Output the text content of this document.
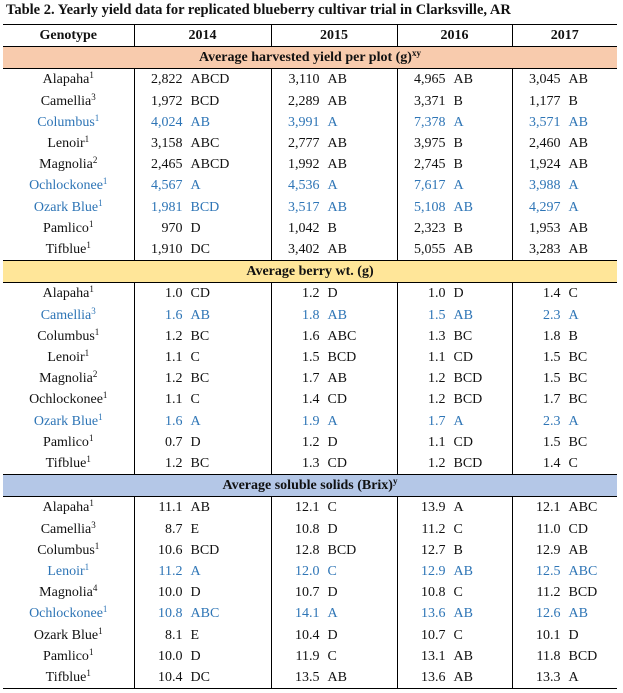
Table 2. Yearly yield data for replicated blueberry cultivar trial in Clarksville, AR
Genotype	2014	2015	2016	2017
Average harvested yield per plot $(g)^{xy}$
Alapaha$^1$	2,822 ABCD	3,110 AB	4,965 AB	3,045 AB
Camellia$^3$	1,972 BCD	2,289 AB	3,371 B	1,177 B
Columbus$^1$	4,024 AB	3,991 A	7,378 A	3,571 AB
Lenoir$^1$	3,158 ABC	2,777 AB	3,975 B	2,460 AB
Magnolia$^2$	2,465 ABCD	1,992 AB	2,745 B	1,924 AB
Ochlockonee$^1$	4,567 A	4,536 A	7,617 A	3,988 A
Ozark Blue$^1$	1,981 BCD	3,517 AB	5,108 AB	4,297 A
Pamlico$^1$	970 D	1,042 B	2,323 B	1,953 AB
Tifblue$^1$	1,910 DC	3,402 AB	5,055 AB	3,283 AB
Average berry wt. (g)				
Alapaha$^1$	1.0 CD	1.2 D	1.0 D	1.4 C
Camellia$^3$	1.6 AB	1.8 AB	1.5 AB	2.3 A
Columbus$^1$	1.2 BC	1.6 ABC	1.3 BC	1.8 B
Lenoir$^1$	1.1 C	1.5 BCD	1.1 CD	1.5 BC
Magnolia$^2$	1.2 BC	1.7 AB	1.2 BCD	1.5 BC
Ochlockonee$^1$	1.1 C	1.4 CD	1.2 BCD	1.7 BC
Ozark Blue$^1$	1.6 A	1.9 A	1.7 A	2.3 A
Pamlico$^1$	0.7 D	1.2 D	1.1 CD	1.5 BC
Tifblue$^1$	1.2 BC	1.3 CD	1.2 BCD	1.4 C
Average soluble solids (Brix)$^y$
Alapaha$^1$	11.1 AB	12.1 C	13.9 A	12.1 ABC
Camellia$^3$	8.7 E	10.8 D	11.2 C	11.0 CD
Columbus$^1$	10.6 BCD	12.8 BCD	12.7 B	12.9 AB
Lenoir$^1$	11.2 A	12.0 C	12.9 AB	12.5 ABC
Magnolia$^4$	10.0 D	10.7 D	10.8 C	11.2 BCD
Ochlockonee$^1$	10.8 ABC	14.1 A	13.6 AB	12.6 AB
Ozark Blue$^1$	8.1 E	10.4 D	10.7 C	10.1 D
Pamlico$^1$	10.0 D	11.9 C	13.1 AB	11.8 BCD
Tifblue$^1$	10.4 DC	13.5 AB	13.6 AB	13.3 A
